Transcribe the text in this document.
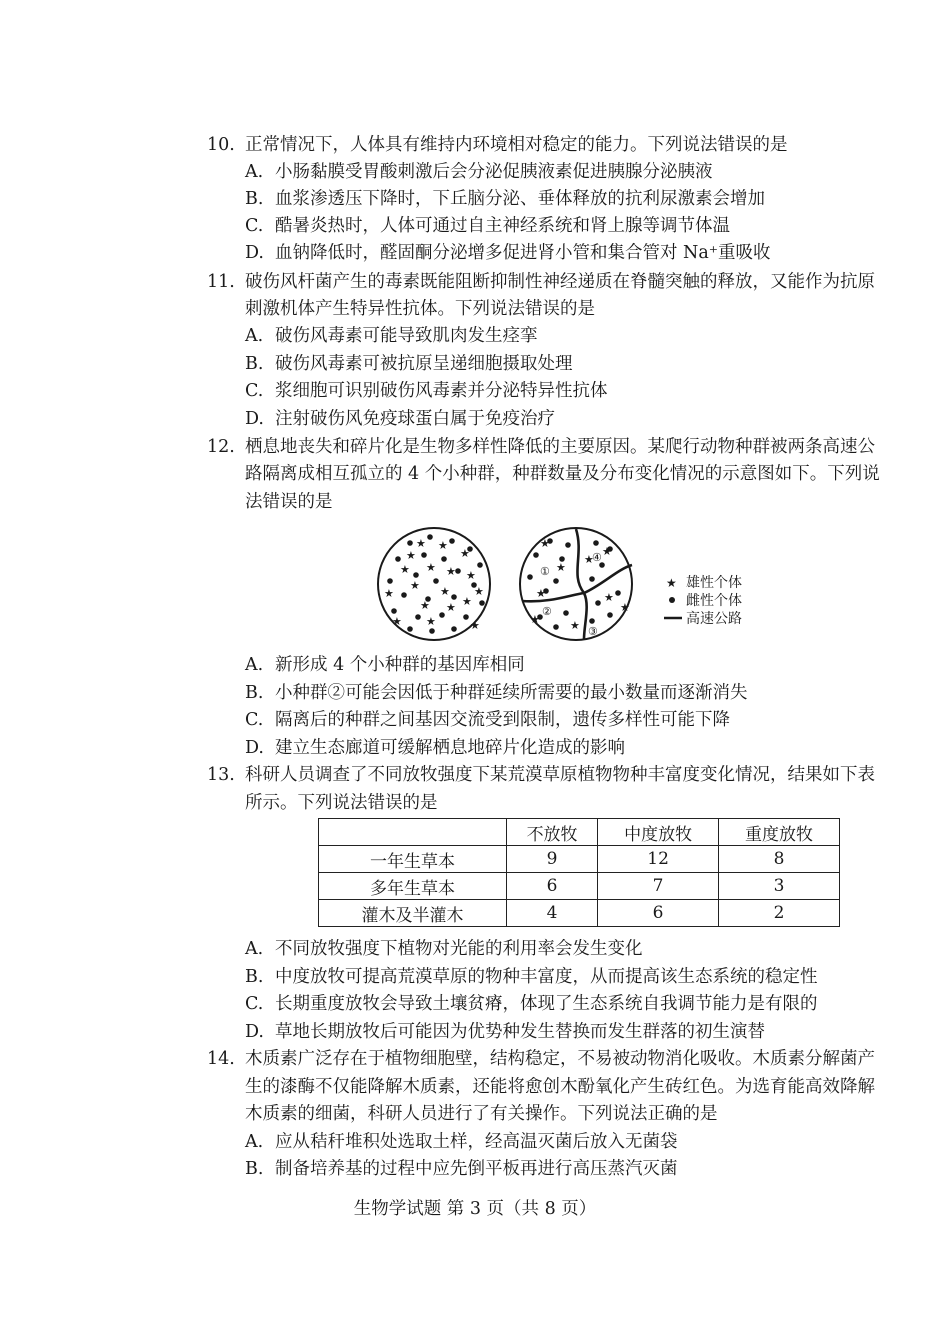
10. 正常情况下，人体具有维持内环境相对稳定的能力。下列说法错误的是
A. 小肠黏膜受胃酸刺激后会分泌促胰液素促进胰腺分泌胰液
B. 血浆渗透压下降时，下丘脑分泌、垂体释放的抗利尿激素会增加
C. 酷暑炎热时，人体可通过自主神经系统和肾上腺等调节体温
D. 血钠降低时，醛固酮分泌增多促进肾小管和集合管对 Na⁺重吸收
11. 破伤风杆菌产生的毒素既能阻断抑制性神经递质在脊髓突触的释放，又能作为抗原
刺激机体产生特异性抗体。下列说法错误的是
A. 破伤风毒素可能导致肌肉发生痉挛
B. 破伤风毒素可被抗原呈递细胞摄取处理
C. 浆细胞可识别破伤风毒素并分泌特异性抗体
D. 注射破伤风免疫球蛋白属于免疫治疗
12. 栖息地丧失和碎片化是生物多样性降低的主要原因。某爬行动物种群被两条高速公
路隔离成相互孤立的 4 个小种群，种群数量及分布变化情况的示意图如下。下列说
法错误的是
★ ★
★
★ ★ ★ ★
★
★ ★
★
★
★ ★
★
★
★
★
★
★
★
★
★
★	★
★
★
①
②
③
④
★ 雄性个体
雌性个体
高速公路
A. 新形成 4 个小种群的基因库相同
B. 小种群②可能会因低于种群延续所需要的最小数量而逐渐消失
C. 隔离后的种群之间基因交流受到限制，遗传多样性可能下降
D. 建立生态廊道可缓解栖息地碎片化造成的影响
13. 科研人员调查了不同放牧强度下某荒漠草原植物物种丰富度变化情况，结果如下表
所示。下列说法错误的是
	不放牧	中度放牧	重度放牧
一年生草本	9	12	8
多年生草本	6	7	3
灌木及半灌木	4	6	2
A. 不同放牧强度下植物对光能的利用率会发生变化
B. 中度放牧可提高荒漠草原的物种丰富度，从而提高该生态系统的稳定性
C. 长期重度放牧会导致土壤贫瘠，体现了生态系统自我调节能力是有限的
D. 草地长期放牧后可能因为优势种发生替换而发生群落的初生演替
14. 木质素广泛存在于植物细胞壁，结构稳定，不易被动物消化吸收。木质素分解菌产
生的漆酶不仅能降解木质素，还能将愈创木酚氧化产生砖红色。为选育能高效降解
木质素的细菌，科研人员进行了有关操作。下列说法正确的是
A. 应从秸秆堆积处选取土样，经高温灭菌后放入无菌袋
B. 制备培养基的过程中应先倒平板再进行高压蒸汽灭菌
生物学试题 第 3 页（共 8 页）
